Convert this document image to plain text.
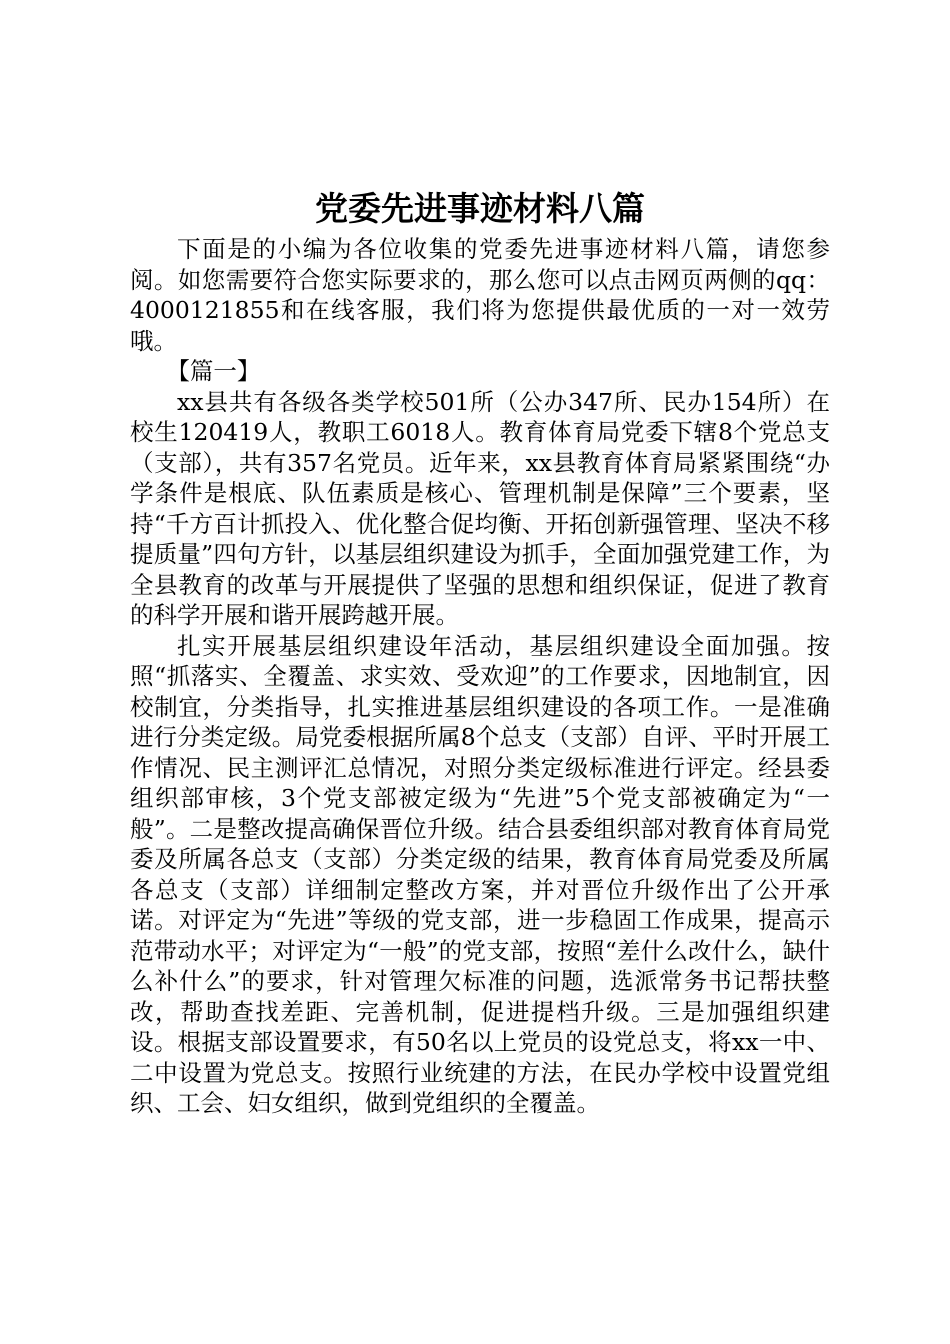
党委先进事迹材料八篇

下面是的小编为各位收集的党委先进事迹材料八篇，请您参阅。如您需要符合您实际要求的，那么您可以点击网页两侧的qq：4000121855和在线客服，我们将为您提供最优质的一对一效劳哦。

【篇一】

xx县共有各级各类学校501所（公办347所、民办154所）在校生120419人，教职工6018人。教育体育局党委下辖8个党总支（支部），共有357名党员。近年来，xx县教育体育局紧紧围绕“办学条件是根底、队伍素质是核心、管理机制是保障”三个要素，坚持“千方百计抓投入、优化整合促均衡、开拓创新强管理、坚决不移提质量”四句方针，以基层组织建设为抓手，全面加强党建工作，为全县教育的改革与开展提供了坚强的思想和组织保证，促进了教育的科学开展和谐开展跨越开展。

扎实开展基层组织建设年活动，基层组织建设全面加强。按照“抓落实、全覆盖、求实效、受欢迎”的工作要求，因地制宜，因校制宜，分类指导，扎实推进基层组织建设的各项工作。一是准确进行分类定级。局党委根据所属8个总支（支部）自评、平时开展工作情况、民主测评汇总情况，对照分类定级标准进行评定。经县委组织部审核，3个党支部被定级为“先进”5个党支部被确定为“一般”。二是整改提高确保晋位升级。结合县委组织部对教育体育局党委及所属各总支（支部）分类定级的结果，教育体育局党委及所属各总支（支部）详细制定整改方案，并对晋位升级作出了公开承诺。对评定为“先进”等级的党支部，进一步稳固工作成果，提高示范带动水平；对评定为“一般”的党支部，按照“差什么改什么，缺什么补什么”的要求，针对管理欠标准的问题，选派常务书记帮扶整改，帮助查找差距、完善机制，促进提档升级。三是加强组织建设。根据支部设置要求，有50名以上党员的设党总支，将xx一中、二中设置为党总支。按照行业统建的方法，在民办学校中设置党组织、工会、妇女组织，做到党组织的全覆盖。
